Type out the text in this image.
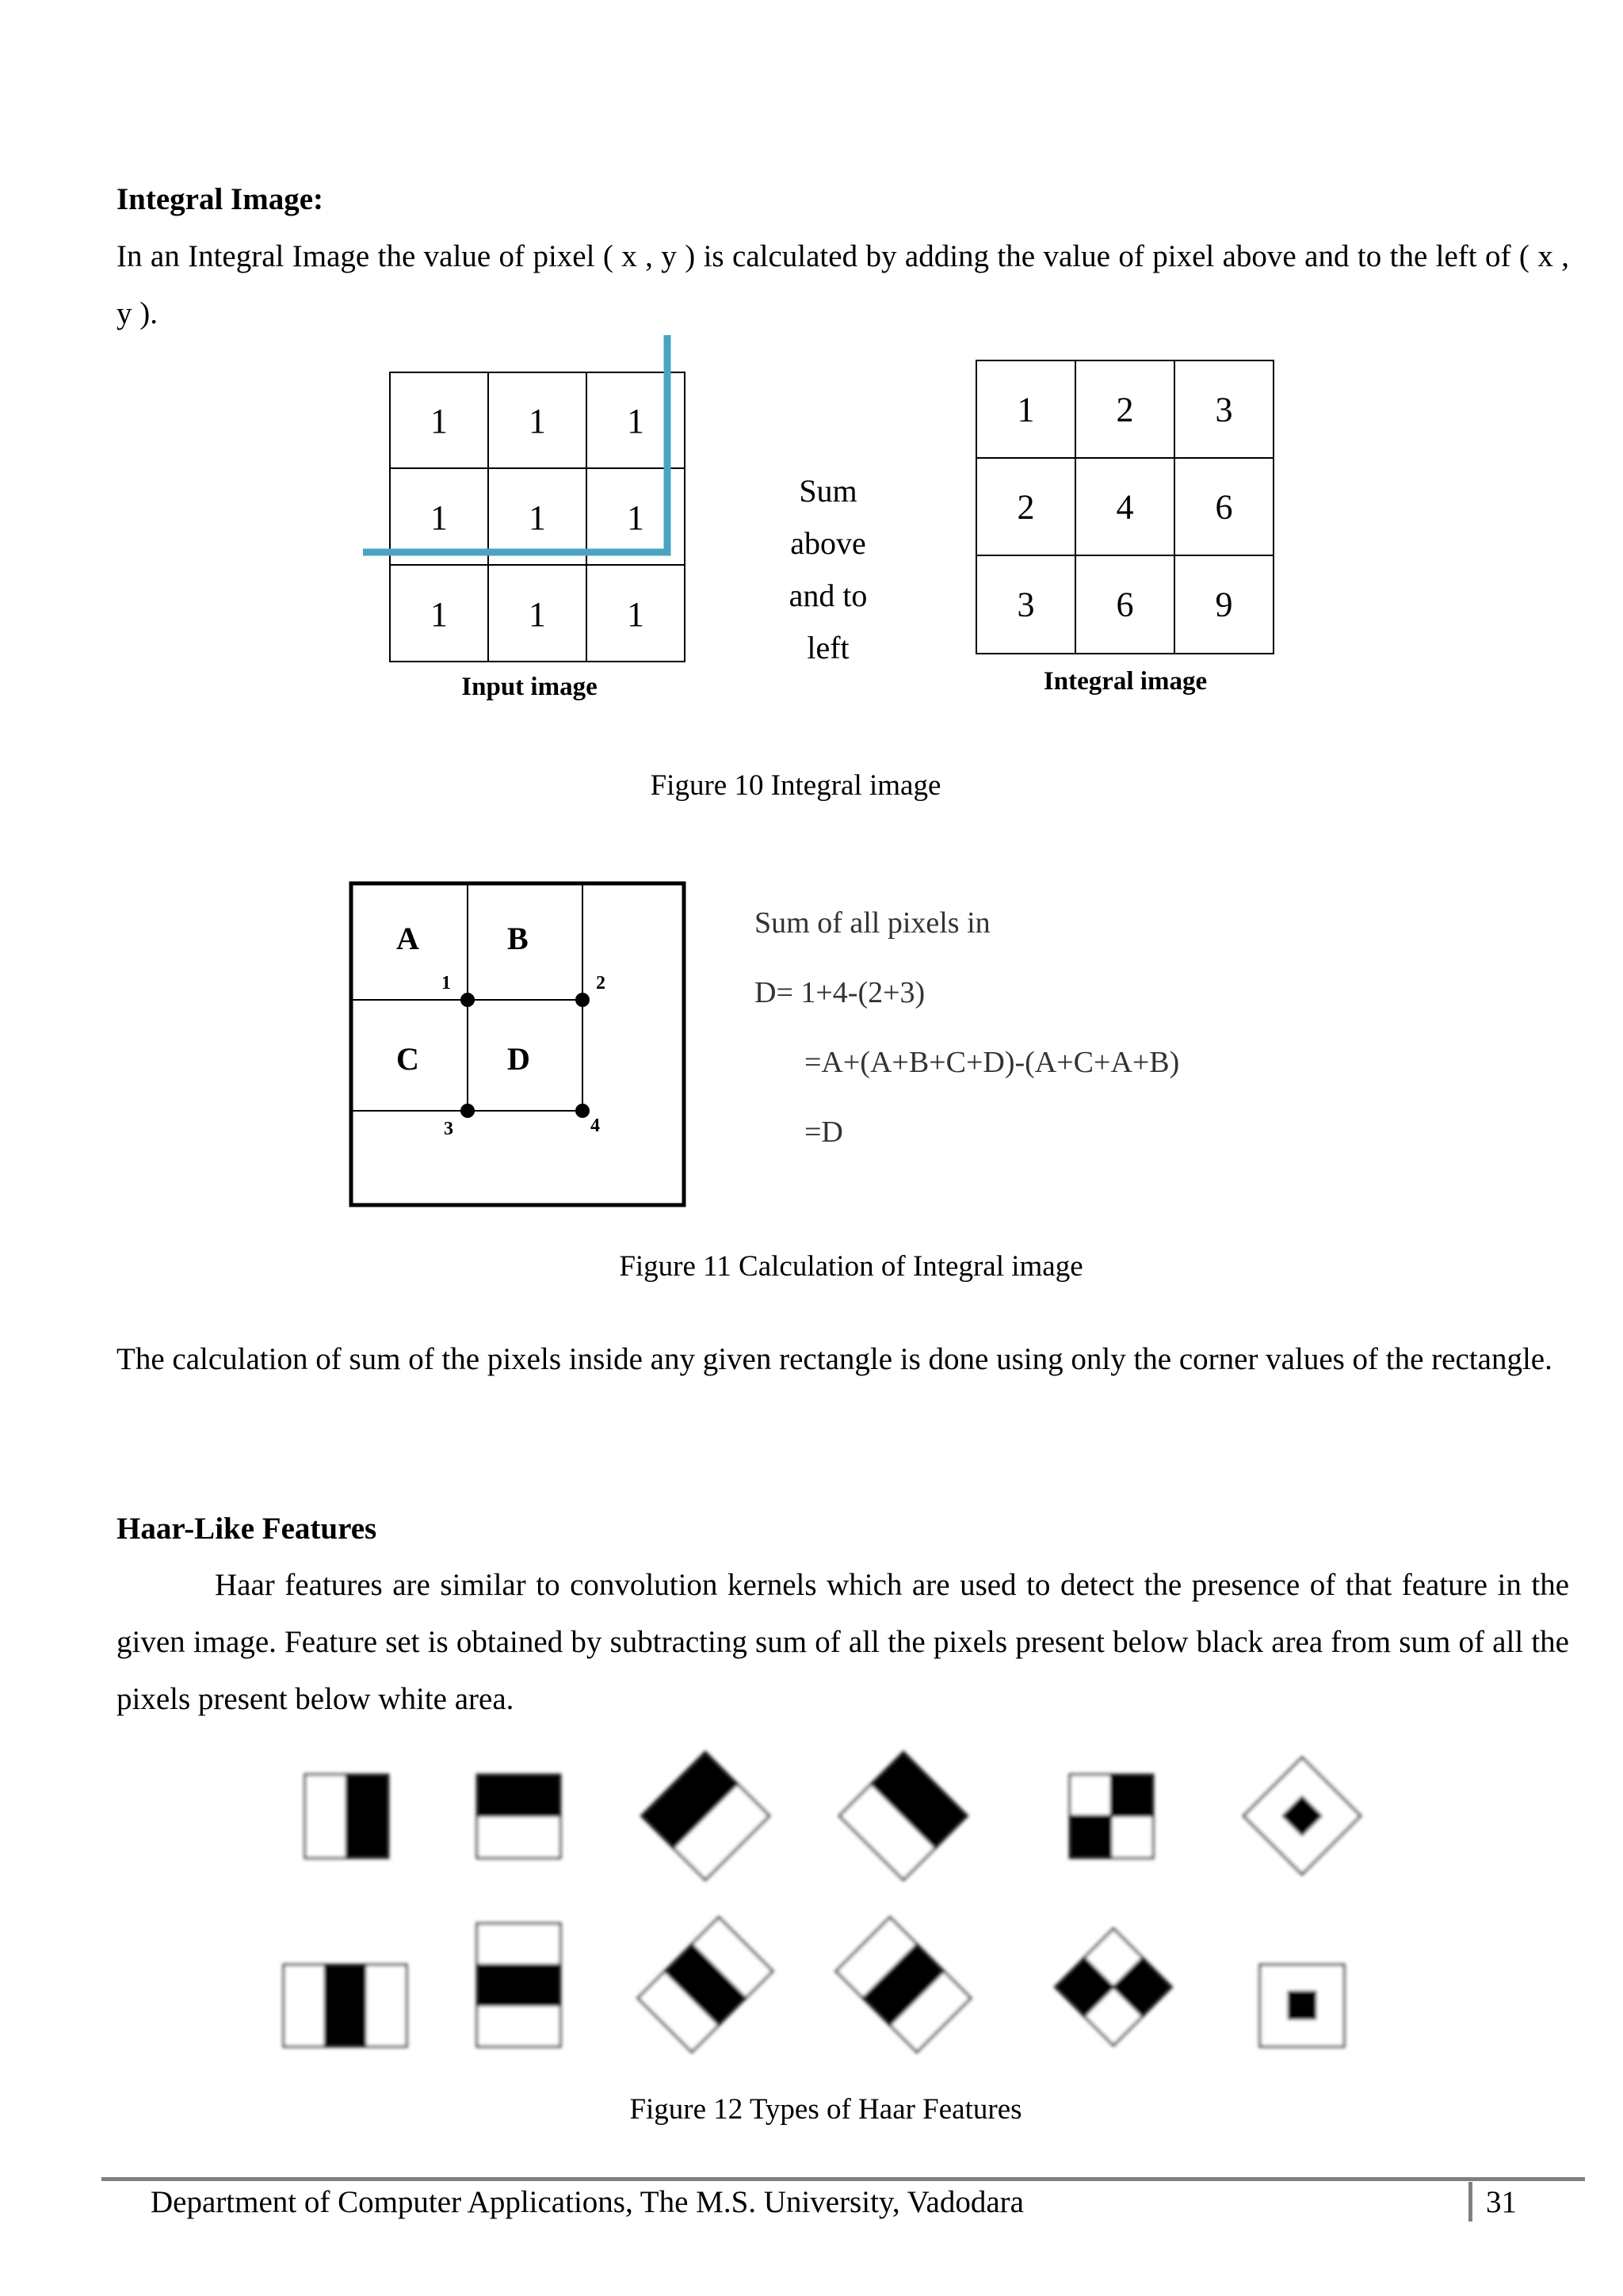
Integral Image:
In an Integral Image the value of pixel ( x , y ) is calculated by adding the value of pixel above and to the left of ( x , y ).
1 1 1
1 1 1
1 1 1
Input image
Sum
above
and to
left
1 2 3
2 4 6
3 6 9
Integral image
Figure 10 Integral image
A	B
C	D
1	2
3	4
Sum of all pixels in
D= 1+4-(2+3)
=A+(A+B+C+D)-(A+C+A+B)
=D
Figure 11 Calculation of Integral image
The calculation of sum of the pixels inside any given rectangle is done using only the corner values of the rectangle.
Haar-Like Features
Haar features are similar to convolution kernels which are used to detect the presence of that feature in the given image. Feature set is obtained by subtracting sum of all the pixels present below black area from sum of all the pixels present below white area.
Figure 12 Types of Haar Features
Department of Computer Applications, The M.S. University, Vadodara	31
